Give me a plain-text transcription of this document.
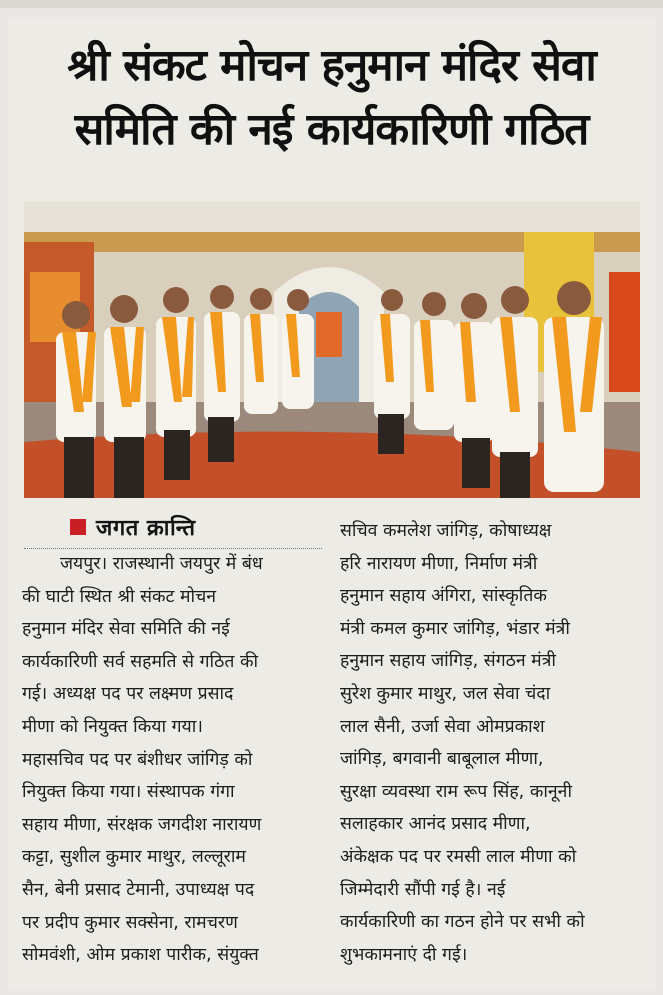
श्री संकट मोचन हनुमान मंदिर सेवा
समिति की नई कार्यकारिणी गठित
जगत क्रान्ति
जयपुर। राजस्थानी जयपुर में बंध
की घाटी स्थित श्री संकट मोचन
हनुमान मंदिर सेवा समिति की नई
कार्यकारिणी सर्व सहमति से गठित की
गई। अध्यक्ष पद पर लक्ष्मण प्रसाद
मीणा को नियुक्त किया गया।
महासचिव पद पर बंशीधर जांगिड़ को
नियुक्त किया गया। संस्थापक गंगा
सहाय मीणा, संरक्षक जगदीश नारायण
कट्टा, सुशील कुमार माथुर, लल्लूराम
सैन, बेनी प्रसाद टेमानी, उपाध्यक्ष पद
पर प्रदीप कुमार सक्सेना, रामचरण
सोमवंशी, ओम प्रकाश पारीक, संयुक्त
सचिव कमलेश जांगिड़, कोषाध्यक्ष
हरि नारायण मीणा, निर्माण मंत्री
हनुमान सहाय अंगिरा, सांस्कृतिक
मंत्री कमल कुमार जांगिड़, भंडार मंत्री
हनुमान सहाय जांगिड़, संगठन मंत्री
सुरेश कुमार माथुर, जल सेवा चंदा
लाल सैनी, उर्जा सेवा ओमप्रकाश
जांगिड़, बगवानी बाबूलाल मीणा,
सुरक्षा व्यवस्था राम रूप सिंह, कानूनी
सलाहकार आनंद प्रसाद मीणा,
अंकेक्षक पद पर रमसी लाल मीणा को
जिम्मेदारी सौंपी गई है। नई
कार्यकारिणी का गठन होने पर सभी को
शुभकामनाएं दी गई।
